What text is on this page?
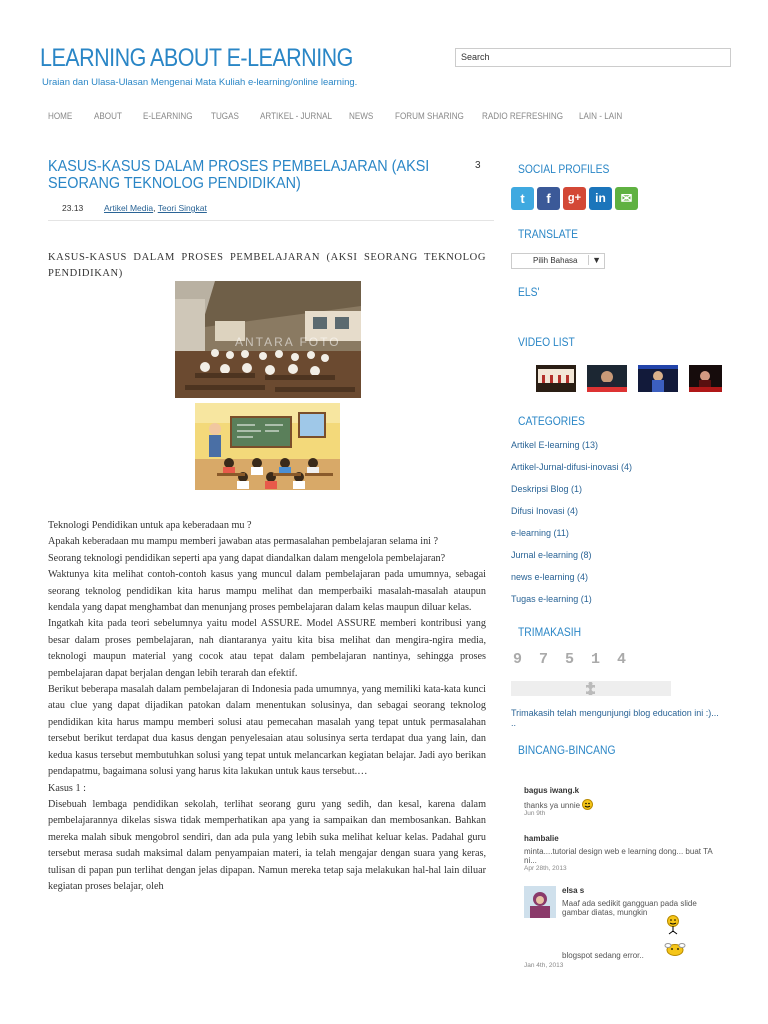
LEARNING ABOUT E-LEARNING
Uraian dan Ulasa-Ulasan Mengenai Mata Kuliah e-learning/online learning.
Search
HOME ABOUT E-LEARNING TUGAS ARTIKEL - JURNAL NEWS FORUM SHARING RADIO REFRESHING LAIN - LAIN
KASUS-KASUS DALAM PROSES PEMBELAJARAN (AKSI SEORANG TEKNOLOG PENDIDIKAN)
3
23.13 Artikel Media, Teori Singkat
KASUS-KASUS DALAM PROSES PEMBELAJARAN (AKSI SEORANG TEKNOLOG PENDIDIKAN)
ANTARA FOTO

Teknologi Pendidikan untuk apa keberadaan mu ?

Apakah keberadaan mu mampu memberi jawaban atas permasalahan pembelajaran selama ini ?

Seorang teknologi pendidikan seperti apa yang dapat diandalkan dalam mengelola pembelajaran?

Waktunya kita melihat contoh-contoh kasus yang muncul dalam pembelajaran pada umumnya, sebagai seorang teknolog pendidikan kita harus mampu melihat dan memperbaiki masalah-masalah ataupun kendala yang dapat menghambat dan menunjang proses pembelajaran dalam kelas maupun diluar kelas.

Ingatkah kita pada teori sebelumnya yaitu model ASSURE. Model ASSURE memberi kontribusi yang besar dalam proses pembelajaran, nah diantaranya yaitu kita bisa melihat dan mengira-ngira media, teknologi maupun material yang cocok atau tepat dalam pembelajaran nantinya, sehingga proses pembelajaran dapat berjalan dengan lebih terarah dan efektif.

Berikut beberapa masalah dalam pembelajaran di Indonesia pada umumnya, yang memiliki kata-kata kunci atau clue yang dapat dijadikan patokan dalam menentukan solusinya, dan sebagai seorang teknolog pendidikan kita harus mampu memberi solusi atau pemecahan masalah yang tepat untuk permasalahan tersebut berikut terdapat dua kasus dengan penyelesaian atau solusinya serta terdapat dua yang lain, dan kedua kasus tersebut membutuhkan solusi yang tepat untuk melancarkan kegiatan belajar. Jadi ayo berikan pendapatmu, bagaimana solusi yang harus kita lakukan untuk kaus tersebut.…

Kasus 1 :

Disebuah lembaga pendidikan sekolah, terlihat seorang guru yang sedih, dan kesal, karena dalam pembelajarannya dikelas siswa tidak memperhatikan apa yang ia sampaikan dan membosankan. Bahkan mereka malah sibuk mengobrol sendiri, dan ada pula yang lebih suka melihat keluar kelas. Padahal guru tersebut merasa sudah maksimal dalam penyampaian materi, ia telah mengajar dengan suara yang keras, tulisan di papan pun terlihat dengan jelas dipapan. Namun mereka tetap saja melakukan hal-hal lain diluar kegiatan proses belajar, oleh

SOCIAL PROFILES
t	f	g+	in	✉
TRANSLATE
Pilih Bahasa	▼
ELS'
VIDEO LIST
CATEGORIES
Artikel E-learning (13)
Artikel-Jurnal-difusi-inovasi (4)
Deskripsi Blog (1)
Difusi Inovasi (4)
e-learning (11)
Jurnal e-learning (8)
news e-learning (4)
Tugas e-learning (1)
TRIMAKASIH
9 7 5 1 4
Trimakasih telah mengunjungi blog education ini :)... ..
BINCANG-BINCANG
bagus iwang.k
thanks ya unnie
Jun 9th
hambalie
minta....tutorial design web e learning dong... buat TA ni...
Apr 28th, 2013
elsa s
Maaf ada sedikit gangguan pada slide gambar diatas, mungkin
blogspot sedang error..
Jan 4th, 2013
